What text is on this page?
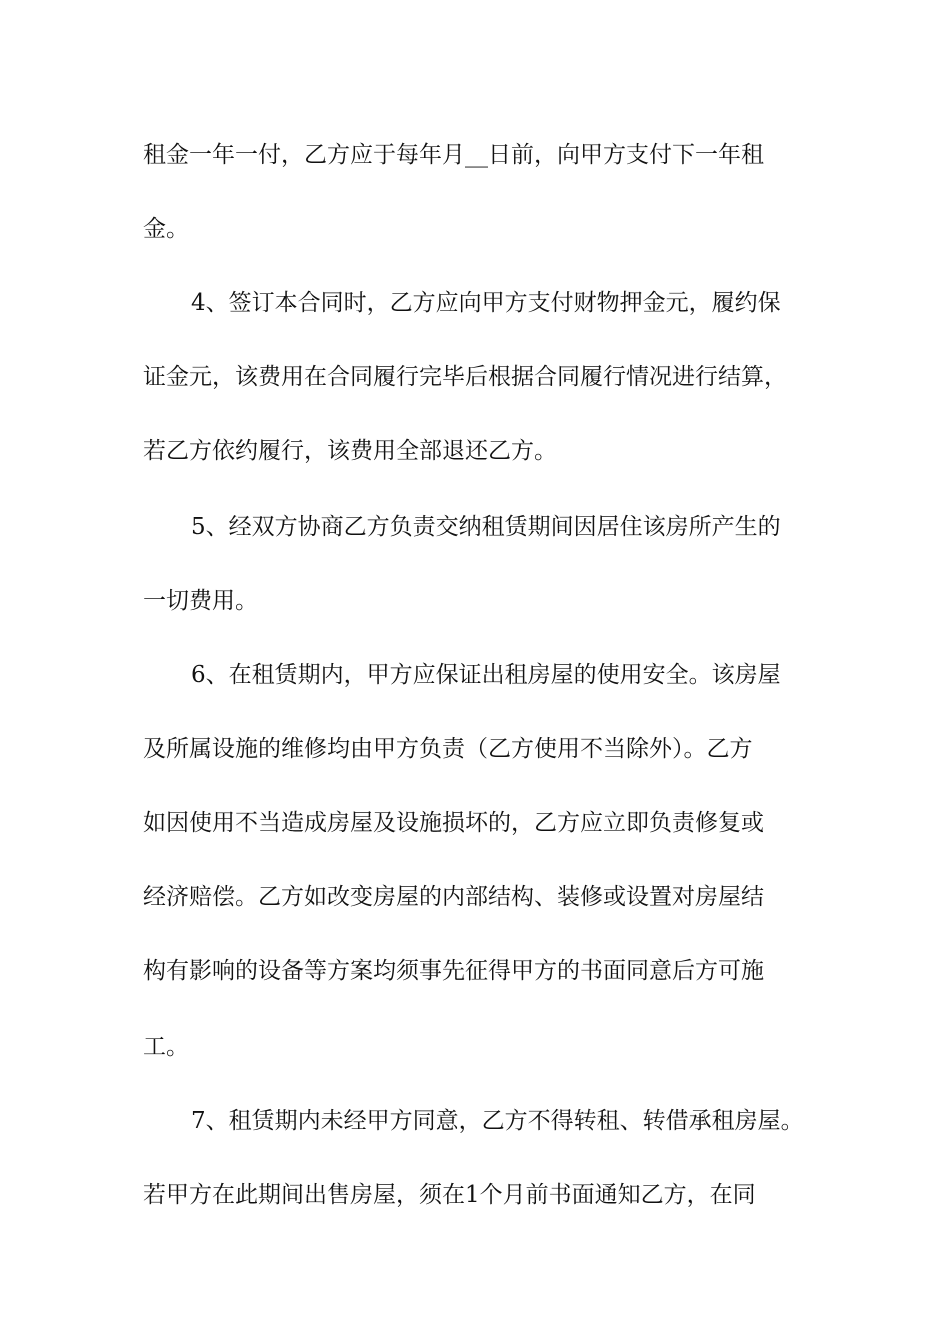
租金一年一付，乙方应于每年月__日前，向甲方支付下一年租
金。
4、签订本合同时，乙方应向甲方支付财物押金元，履约保
证金元，该费用在合同履行完毕后根据合同履行情况进行结算，
若乙方依约履行，该费用全部退还乙方。
5、经双方协商乙方负责交纳租赁期间因居住该房所产生的
一切费用。
6、在租赁期内，甲方应保证出租房屋的使用安全。该房屋
及所属设施的维修均由甲方负责（乙方使用不当除外）。乙方
如因使用不当造成房屋及设施损坏的，乙方应立即负责修复或
经济赔偿。乙方如改变房屋的内部结构、装修或设置对房屋结
构有影响的设备等方案均须事先征得甲方的书面同意后方可施
工。
7、租赁期内未经甲方同意，乙方不得转租、转借承租房屋。
若甲方在此期间出售房屋，须在1个月前书面通知乙方，在同
